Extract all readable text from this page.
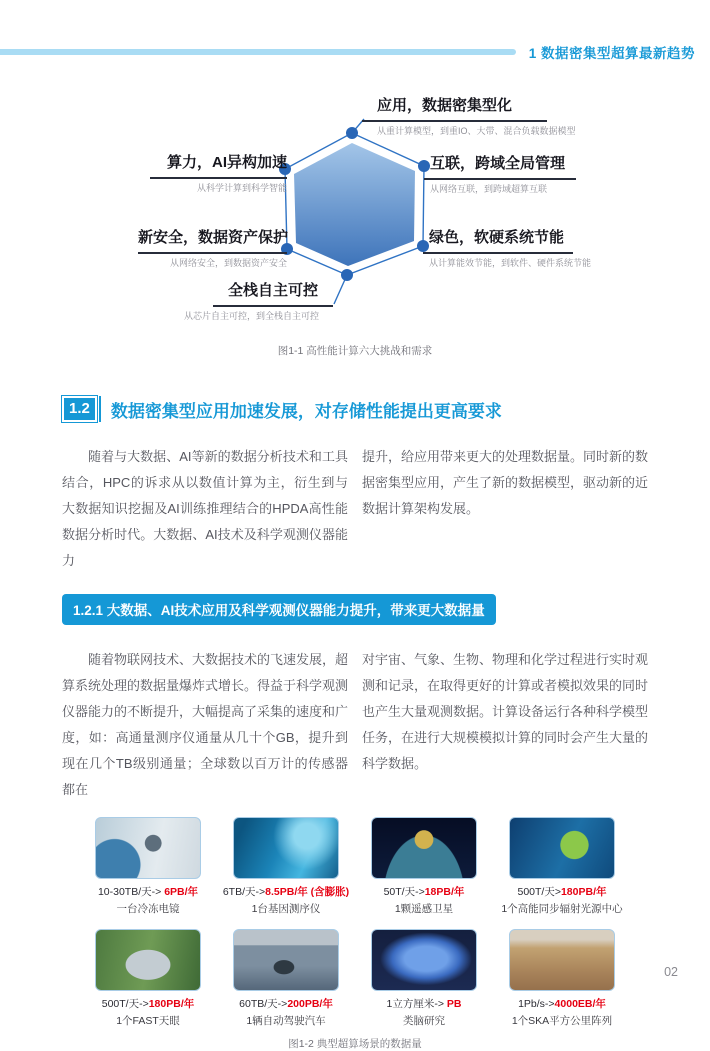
1 数据密集型超算最新趋势
应用，数据密集型化
从重计算模型，到重IO、大带、混合负载数据模型
算力，AI异构加速
从科学计算到科学智能
互联，跨域全局管理
从网络互联，到跨域超算互联
新安全，数据资产保护
从网络安全，到数据资产安全
绿色，软硬系统节能
从计算能效节能，到软件、硬件系统节能
全栈自主可控
从芯片自主可控，到全栈自主可控
图1-1 高性能计算六大挑战和需求
1.2	数据密集型应用加速发展，对存储性能提出更高要求
随着与大数据、AI等新的数据分析技术和工具结合，HPC的诉求从以数值计算为主，衍生到与大数据知识挖掘及AI训练推理结合的HPDA高性能数据分析时代。大数据、AI技术及科学观测仪器能力
提升，给应用带来更大的处理数据量。同时新的数据密集型应用，产生了新的数据模型，驱动新的近数据计算架构发展。
1.2.1 大数据、AI技术应用及科学观测仪器能力提升，带来更大数据量
随着物联网技术、大数据技术的飞速发展，超算系统处理的数据量爆炸式增长。得益于科学观测仪器能力的不断提升，大幅提高了采集的速度和广度，如：高通量测序仪通量从几十个GB，提升到现在几个TB级别通量；全球数以百万计的传感器都在
对宇宙、气象、生物、物理和化学过程进行实时观测和记录，在取得更好的计算或者模拟效果的同时也产生大量观测数据。计算设备运行各种科学模型任务，在进行大规模模拟计算的同时会产生大量的科学数据。
10-30TB/天-> 6PB/年
一台冷冻电镜
6TB/天->8.5PB/年 (含膨胀)
1台基因测序仪
50T/天->18PB/年
1颗遥感卫星
500T/天>180PB/年
1个高能同步辐射光源中心
500T/天->180PB/年
1个FAST天眼
60TB/天->200PB/年
1辆自动驾驶汽车
1立方厘米-> PB
类脑研究
1Pb/s->4000EB/年
1个SKA平方公里阵列
图1-2 典型超算场景的数据量
02
